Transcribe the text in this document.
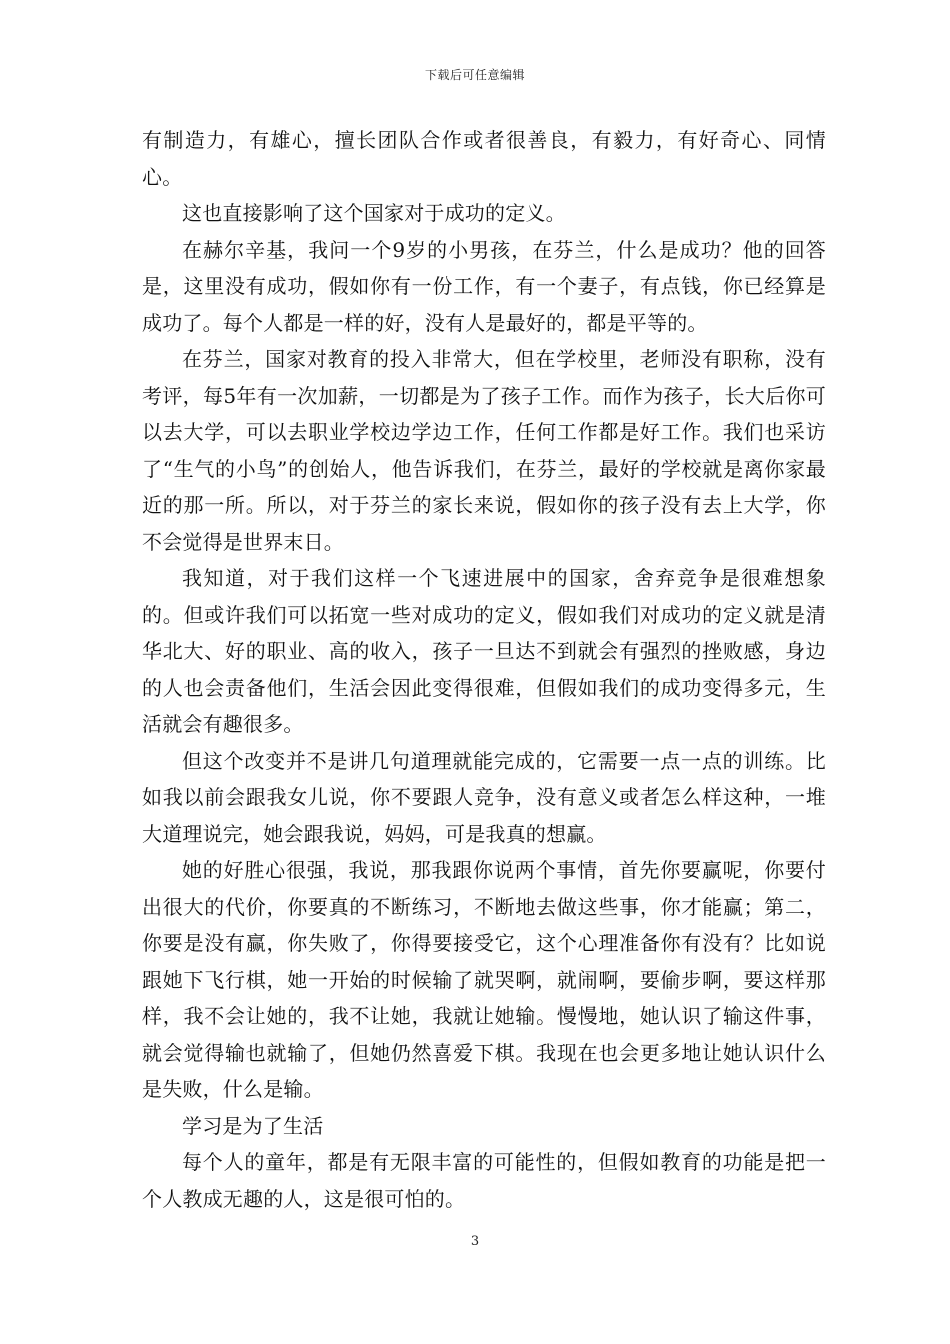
下载后可任意编辑

有制造力，有雄心，擅长团队合作或者很善良，有毅力，有好奇心、同情心。

这也直接影响了这个国家对于成功的定义。

在赫尔辛基，我问一个9岁的小男孩，在芬兰，什么是成功？他的回答是，这里没有成功，假如你有一份工作，有一个妻子，有点钱，你已经算是成功了。每个人都是一样的好，没有人是最好的，都是平等的。

在芬兰，国家对教育的投入非常大，但在学校里，老师没有职称，没有考评，每5年有一次加薪，一切都是为了孩子工作。而作为孩子，长大后你可以去大学，可以去职业学校边学边工作，任何工作都是好工作。我们也采访了“生气的小鸟”的创始人，他告诉我们，在芬兰，最好的学校就是离你家最近的那一所。所以，对于芬兰的家长来说，假如你的孩子没有去上大学，你不会觉得是世界末日。

我知道，对于我们这样一个飞速进展中的国家，舍弃竞争是很难想象的。但或许我们可以拓宽一些对成功的定义，假如我们对成功的定义就是清华北大、好的职业、高的收入，孩子一旦达不到就会有强烈的挫败感，身边的人也会责备他们，生活会因此变得很难，但假如我们的成功变得多元，生活就会有趣很多。

但这个改变并不是讲几句道理就能完成的，它需要一点一点的训练。比如我以前会跟我女儿说，你不要跟人竞争，没有意义或者怎么样这种，一堆大道理说完，她会跟我说，妈妈，可是我真的想赢。

她的好胜心很强，我说，那我跟你说两个事情，首先你要赢呢，你要付出很大的代价，你要真的不断练习，不断地去做这些事，你才能赢；第二，你要是没有赢，你失败了，你得要接受它，这个心理准备你有没有？比如说跟她下飞行棋，她一开始的时候输了就哭啊，就闹啊，要偷步啊，要这样那样，我不会让她的，我不让她，我就让她输。慢慢地，她认识了输这件事，就会觉得输也就输了，但她仍然喜爱下棋。我现在也会更多地让她认识什么是失败，什么是输。

学习是为了生活

每个人的童年，都是有无限丰富的可能性的，但假如教育的功能是把一个人教成无趣的人，这是很可怕的。

3
